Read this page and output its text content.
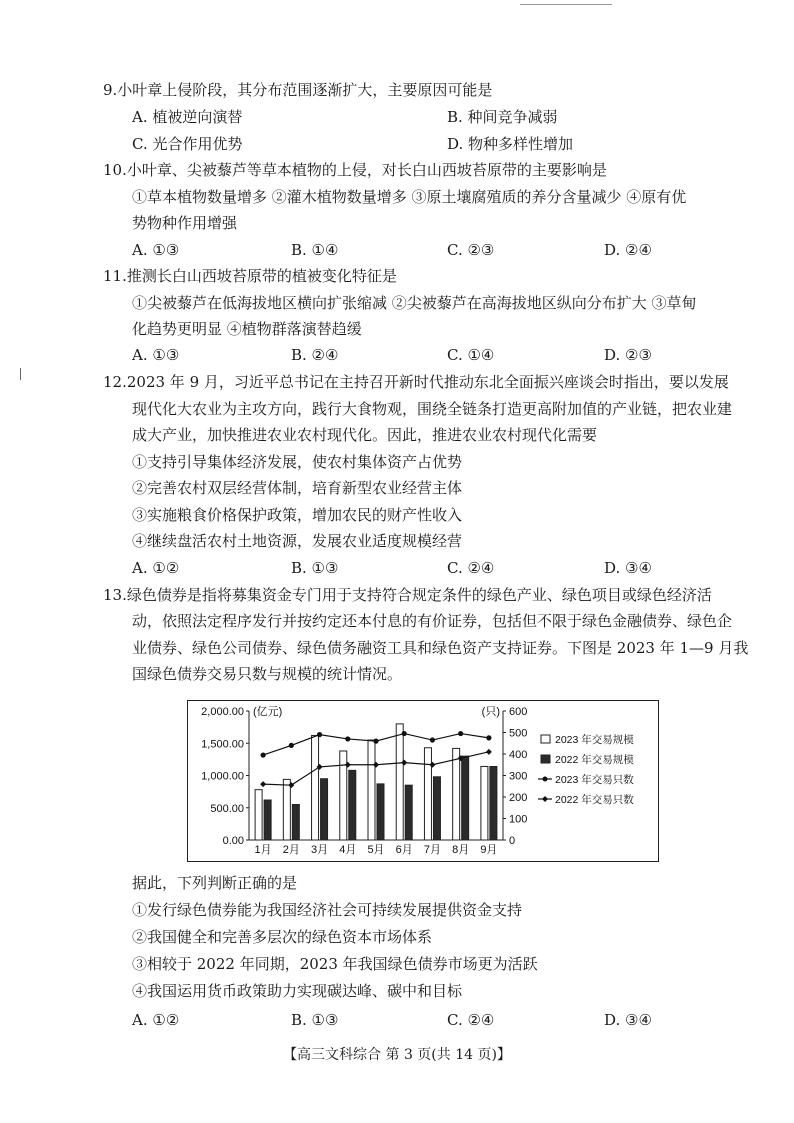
9.小叶章上侵阶段，其分布范围逐渐扩大，主要原因可能是
A. 植被逆向演替	B. 种间竞争减弱
C. 光合作用优势	D. 物种多样性增加
10.小叶章、尖被藜芦等草本植物的上侵，对长白山西坡苔原带的主要影响是
①草本植物数量增多 ②灌木植物数量增多 ③原土壤腐殖质的养分含量减少 ④原有优
势物种作用增强
A. ①③	B. ①④	C. ②③	D. ②④
11.推测长白山西坡苔原带的植被变化特征是
①尖被藜芦在低海拔地区横向扩张缩减 ②尖被藜芦在高海拔地区纵向分布扩大 ③草甸
化趋势更明显 ④植物群落演替趋缓
A. ①③	B. ②④	C. ①④	D. ②③
12.2023 年 9 月，习近平总书记在主持召开新时代推动东北全面振兴座谈会时指出，要以发展
现代化大农业为主攻方向，践行大食物观，围绕全链条打造更高附加值的产业链，把农业建
成大产业，加快推进农业农村现代化。因此，推进农业农村现代化需要
①支持引导集体经济发展，使农村集体资产占优势
②完善农村双层经营体制，培育新型农业经营主体
③实施粮食价格保护政策，增加农民的财产性收入
④继续盘活农村土地资源，发展农业适度规模经营
A. ①②	B. ①③	C. ②④	D. ③④
13.绿色债券是指将募集资金专门用于支持符合规定条件的绿色产业、绿色项目或绿色经济活
动，依照法定程序发行并按约定还本付息的有价证券，包括但不限于绿色金融债券、绿色企
业债券、绿色公司债券、绿色债务融资工具和绿色资产支持证券。下图是 2023 年 1—9 月我
国绿色债券交易只数与规模的统计情况。
0.00
500.00
1,000.00
1,500.00
2,000.00 (亿元)
0
100
200
300
400
500
600
(只)
1月 2月 3月 4月 5月 6月 7月 8月 9月
2023 年交易规模
2022 年交易规模
2023 年交易只数
2022 年交易只数
据此，下列判断正确的是
①发行绿色债券能为我国经济社会可持续发展提供资金支持
②我国健全和完善多层次的绿色资本市场体系
③相较于 2022 年同期，2023 年我国绿色债券市场更为活跃
④我国运用货币政策助力实现碳达峰、碳中和目标
A. ①②	B. ①③	C. ②④	D. ③④
【高三文科综合 第 3 页(共 14 页)】
